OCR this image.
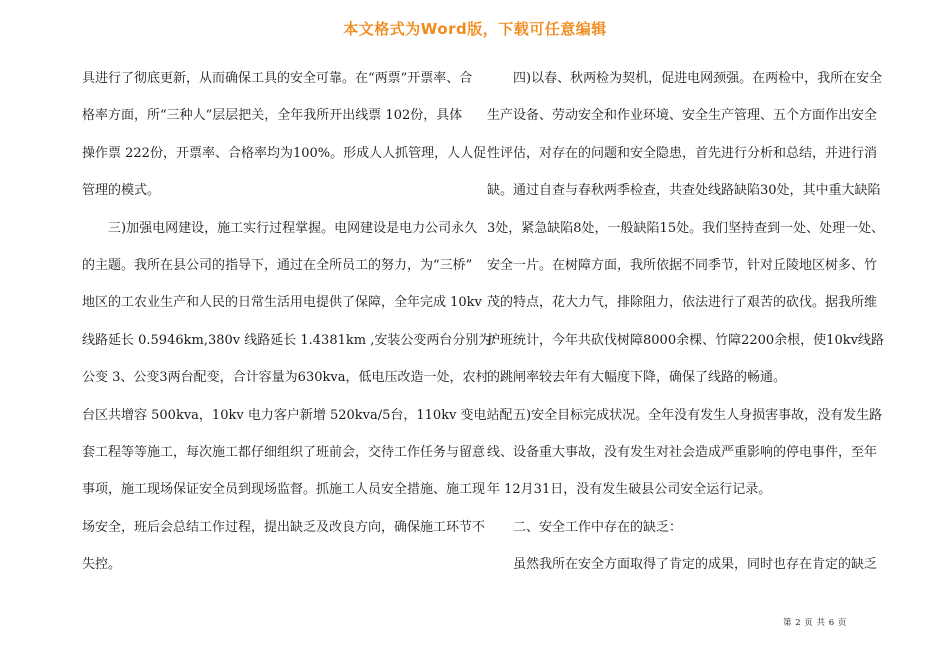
本文格式为Word版，下载可任意编辑
具进行了彻底更新，从而确保工具的安全可靠。在“两票”开票率、合
格率方面，所“三种人”层层把关，全年我所开出线票 102份，具体
操作票 222份，开票率、合格率均为100%。形成人人抓管理，人人促
管理的模式。
三)加强电网建设，施工实行过程掌握。电网建设是电力公司永久
的主题。我所在县公司的指导下，通过在全所员工的努力，为“三桥”
地区的工农业生产和人民的日常生活用电提供了保障，全年完成 10kv
线路延长 0.5946km,380v 线路延长 1.4381km ,安装公变两台分别为：
公变 3、公变3两台配变，合计容量为630kva，低电压改造一处，农村
台区共增容 500kva，10kv 电力客户新增 520kva/5台，110kv 变电站配
套工程等等施工，每次施工都仔细组织了班前会，交待工作任务与留意
事项，施工现场保证安全员到现场监督。抓施工人员安全措施、施工现
场安全，班后会总结工作过程，提出缺乏及改良方向，确保施工环节不
失控。
四)以春、秋两检为契机，促进电网颈强。在两检中，我所在安全
生产设备、劳动安全和作业环境、安全生产管理、五个方面作出安全
性评估，对存在的问题和安全隐患，首先进行分析和总结，并进行消
缺。通过自查与春秋两季检查，共查处线路缺陷30处，其中重大缺陷
3处，紧急缺陷8处，一般缺陷15处。我们坚持查到一处、处理一处、
安全一片。在树障方面，我所依据不同季节，针对丘陵地区树多、竹
茂的特点，花大力气，排除阻力，依法进行了艰苦的砍伐。据我所维
护班统计，今年共砍伐树障8000余棵、竹障2200余根，使10kv线路
的跳闸率较去年有大幅度下降，确保了线路的畅通。
五)安全目标完成状况。全年没有发生人身损害事故，没有发生路
线、设备重大事故，没有发生对社会造成严重影响的停电事件，至年
年 12月31日，没有发生破县公司安全运行记录。
二、安全工作中存在的缺乏：
虽然我所在安全方面取得了肯定的成果，同时也存在肯定的缺乏
第 2 页 共 6 页
